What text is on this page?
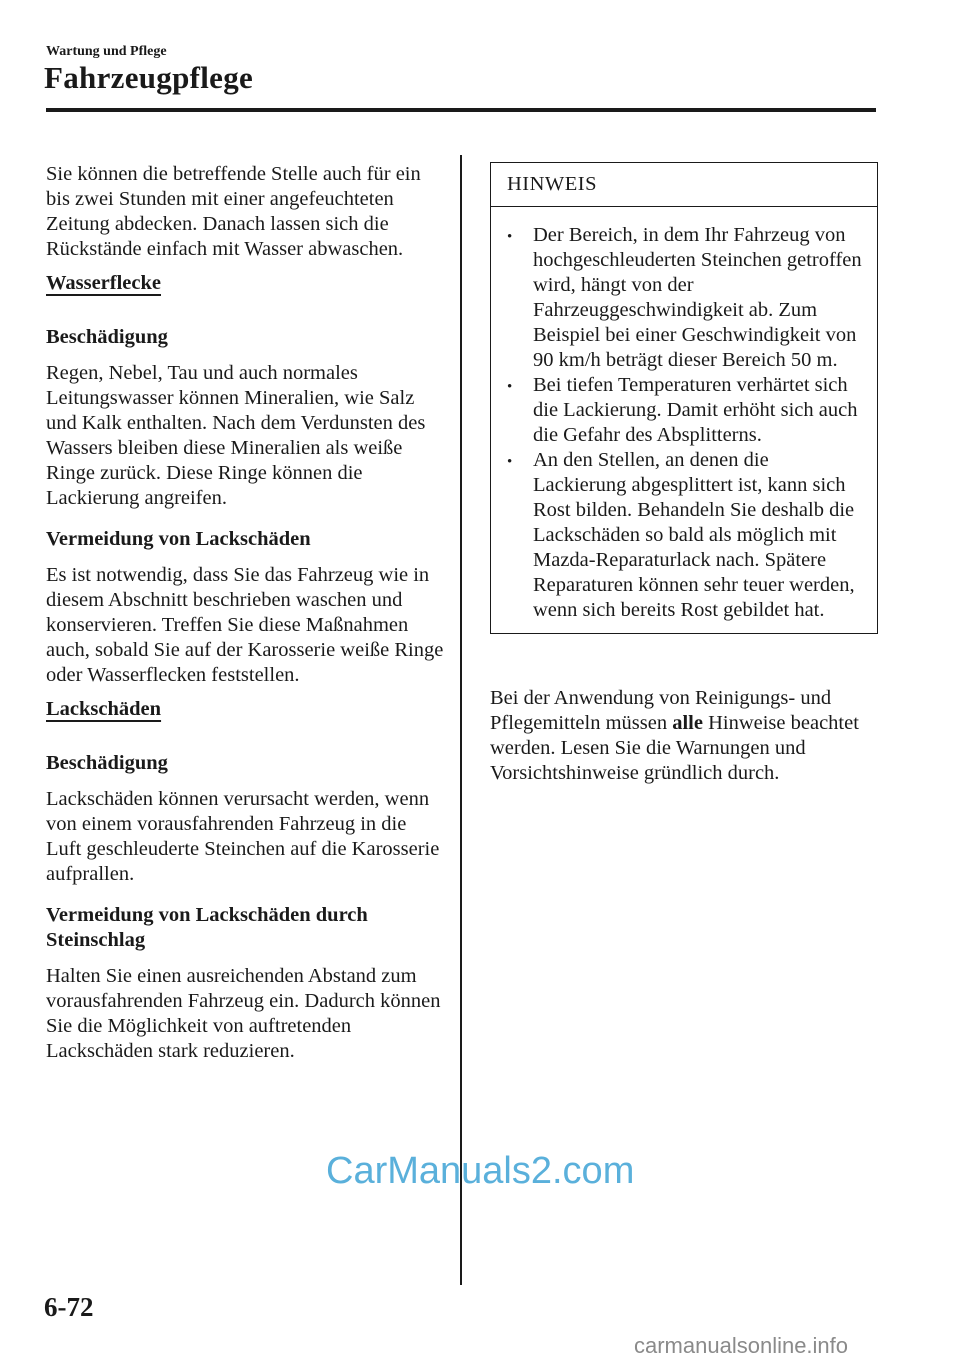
Wartung und Pflege
Fahrzeugpflege

Sie können die betreffende Stelle auch für ein bis zwei Stunden mit einer angefeuchteten Zeitung abdecken. Danach lassen sich die Rückstände einfach mit Wasser abwaschen.

Wasserflecke

Beschädigung

Regen, Nebel, Tau und auch normales Leitungswasser können Mineralien, wie Salz und Kalk enthalten. Nach dem Verdunsten des Wassers bleiben diese Mineralien als weiße Ringe zurück. Diese Ringe können die Lackierung angreifen.

Vermeidung von Lackschäden

Es ist notwendig, dass Sie das Fahrzeug wie in diesem Abschnitt beschrieben waschen und konservieren. Treffen Sie diese Maßnahmen auch, sobald Sie auf der Karosserie weiße Ringe oder Wasserflecken feststellen.

Lackschäden

Beschädigung

Lackschäden können verursacht werden, wenn von einem vorausfahrenden Fahrzeug in die Luft geschleuderte Steinchen auf die Karosserie aufprallen.

Vermeidung von Lackschäden durch Steinschlag

Halten Sie einen ausreichenden Abstand zum vorausfahrenden Fahrzeug ein. Dadurch können Sie die Möglichkeit von auftretenden Lackschäden stark reduzieren.

HINWEIS
•
Der Bereich, in dem Ihr Fahrzeug von hochgeschleuderten Steinchen getroffen wird, hängt von der Fahrzeuggeschwindigkeit ab. Zum Beispiel bei einer Geschwindigkeit von 90 km/h beträgt dieser Bereich 50 m.
•
Bei tiefen Temperaturen verhärtet sich die Lackierung. Damit erhöht sich auch die Gefahr des Absplitterns.
•
An den Stellen, an denen die Lackierung abgesplittert ist, kann sich Rost bilden. Behandeln Sie deshalb die Lackschäden so bald als möglich mit Mazda-Reparaturlack nach. Spätere Reparaturen können sehr teuer werden, wenn sich bereits Rost gebildet hat.

Bei der Anwendung von Reinigungs- und Pflegemitteln müssen alle Hinweise beachtet werden. Lesen Sie die Warnungen und Vorsichtshinweise gründlich durch.

CarManuals2.com
6-72
carmanualsonline.info
